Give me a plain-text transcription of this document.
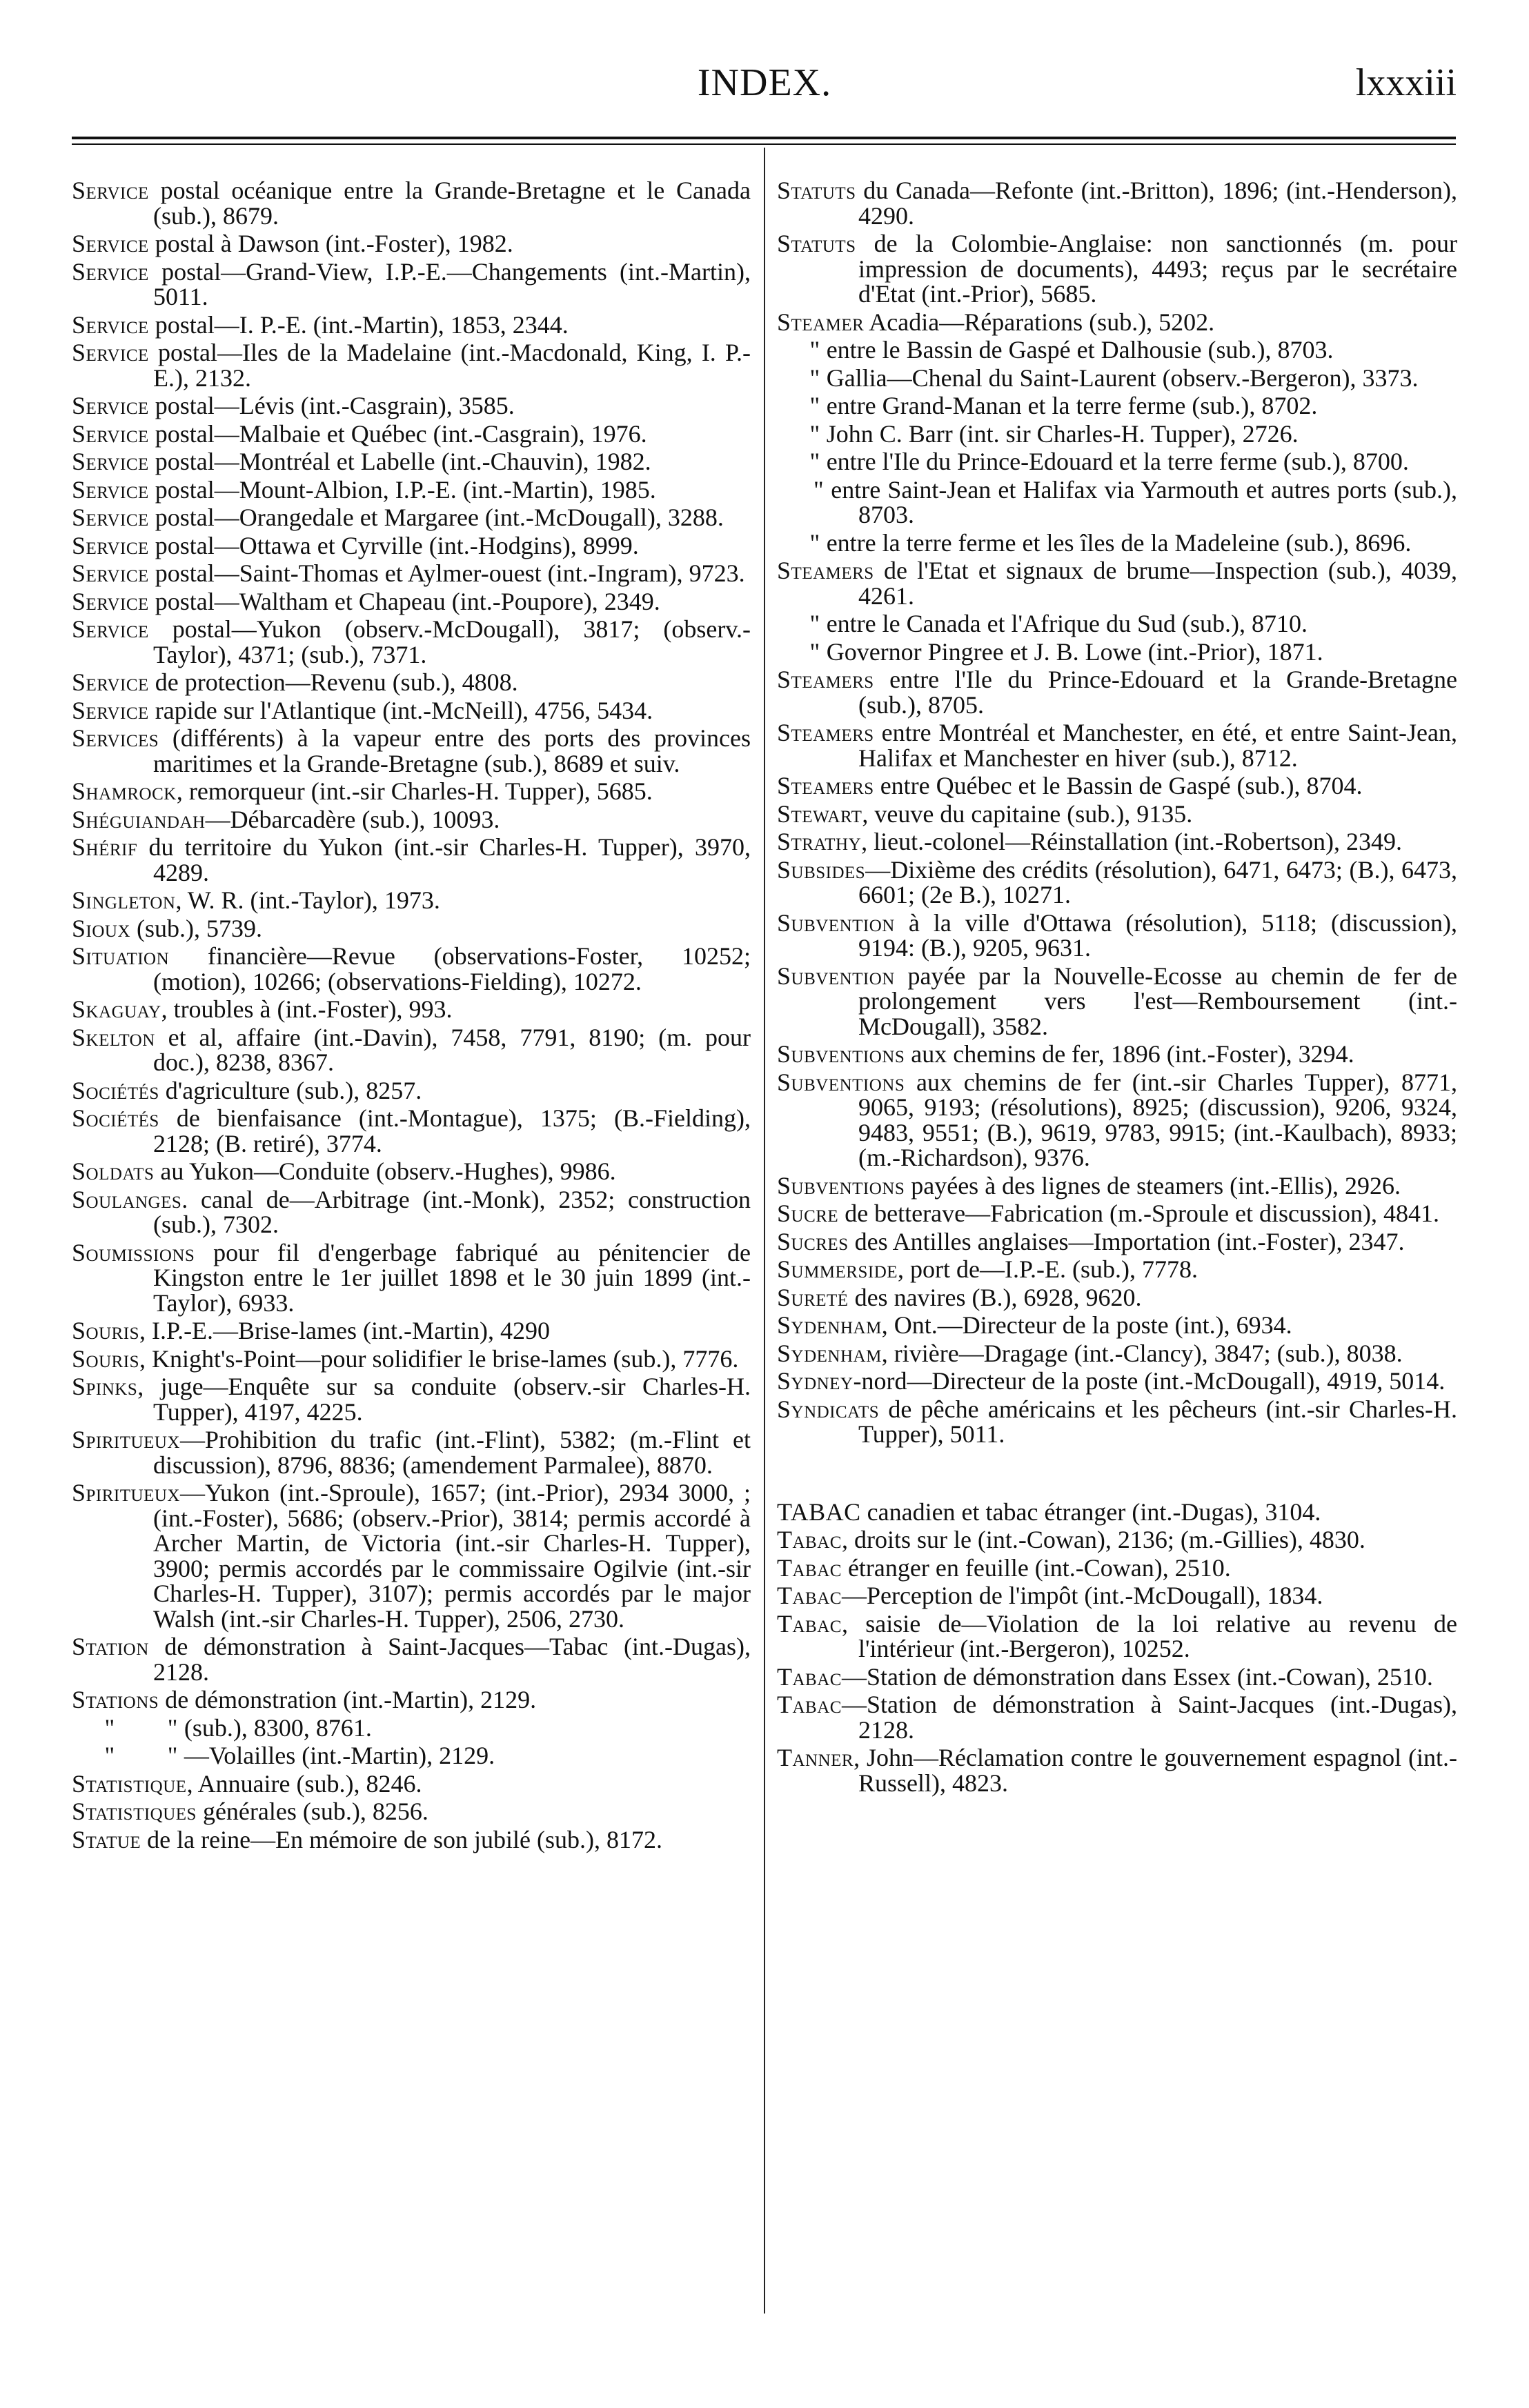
INDEX.	lxxxiii

Service postal océanique entre la Grande-Bretagne et le Canada (sub.), 8679.

Service postal à Dawson (int.-Foster), 1982.

Service postal—Grand-View, I.P.-E.—Changements (int.-Martin), 5011.

Service postal—I. P.-E. (int.-Martin), 1853, 2344.

Service postal—Iles de la Madelaine (int.-Macdonald, King, I. P.-E.), 2132.

Service postal—Lévis (int.-Casgrain), 3585.

Service postal—Malbaie et Québec (int.-Casgrain), 1976.

Service postal—Montréal et Labelle (int.-Chauvin), 1982.

Service postal—Mount-Albion, I.P.-E. (int.-Martin), 1985.

Service postal—Orangedale et Margaree (int.-McDougall), 3288.

Service postal—Ottawa et Cyrville (int.-Hodgins), 8999.

Service postal—Saint-Thomas et Aylmer-ouest (int.-Ingram), 9723.

Service postal—Waltham et Chapeau (int.-Poupore), 2349.

Service postal—Yukon (observ.-McDougall), 3817; (observ.-Taylor), 4371; (sub.), 7371.

Service de protection—Revenu (sub.), 4808.

Service rapide sur l'Atlantique (int.-McNeill), 4756, 5434.

Services (différents) à la vapeur entre des ports des provinces maritimes et la Grande-Bretagne (sub.), 8689 et suiv.

Shamrock, remorqueur (int.-sir Charles-H. Tupper), 5685.

Shéguiandah—Débarcadère (sub.), 10093.

Shérif du territoire du Yukon (int.-sir Charles-H. Tupper), 3970, 4289.

Singleton, W. R. (int.-Taylor), 1973.

Sioux (sub.), 5739.

Situation financière—Revue (observations-Foster, 10252; (motion), 10266; (observations-Fielding), 10272.

Skaguay, troubles à (int.-Foster), 993.

Skelton et al, affaire (int.-Davin), 7458, 7791, 8190; (m. pour doc.), 8238, 8367.

Sociétés d'agriculture (sub.), 8257.

Sociétés de bienfaisance (int.-Montague), 1375; (B.-Fielding), 2128; (B. retiré), 3774.

Soldats au Yukon—Conduite (observ.-Hughes), 9986.

Soulanges. canal de—Arbitrage (int.-Monk), 2352; construction (sub.), 7302.

Soumissions pour fil d'engerbage fabriqué au pénitencier de Kingston entre le 1er juillet 1898 et le 30 juin 1899 (int.-Taylor), 6933.

Souris, I.P.-E.—Brise-lames (int.-Martin), 4290

Souris, Knight's-Point—pour solidifier le brise-lames (sub.), 7776.

Spinks, juge—Enquête sur sa conduite (observ.-sir Charles-H. Tupper), 4197, 4225.

Spiritueux—Prohibition du trafic (int.-Flint), 5382; (m.-Flint et discussion), 8796, 8836; (amendement Parmalee), 8870.

Spiritueux—Yukon (int.-Sproule), 1657; (int.-Prior), 2934 3000, ; (int.-Foster), 5686; (observ.-Prior), 3814; permis accordé à Archer Martin, de Victoria (int.-sir Charles-H. Tupper), 3900; permis accordés par le commissaire Ogilvie (int.-sir Charles-H. Tupper), 3107); permis accordés par le major Walsh (int.-sir Charles-H. Tupper), 2506, 2730.

Station de démonstration à Saint-Jacques—Tabac (int.-Dugas), 2128.

Stations de démonstration (int.-Martin), 2129.

"        " (sub.), 8300, 8761.

"        " —Volailles (int.-Martin), 2129.

Statistique, Annuaire (sub.), 8246.

Statistiques générales (sub.), 8256.

Statue de la reine—En mémoire de son jubilé (sub.), 8172.

Statuts du Canada—Refonte (int.-Britton), 1896; (int.-Henderson), 4290.

Statuts de la Colombie-Anglaise: non sanctionnés (m. pour impression de documents), 4493; reçus par le secrétaire d'Etat (int.-Prior), 5685.

Steamer Acadia—Réparations (sub.), 5202.

" entre le Bassin de Gaspé et Dalhousie (sub.), 8703.

" Gallia—Chenal du Saint-Laurent (observ.-Bergeron), 3373.

" entre Grand-Manan et la terre ferme (sub.), 8702.

" John C. Barr (int. sir Charles-H. Tupper), 2726.

" entre l'Ile du Prince-Edouard et la terre ferme (sub.), 8700.

" entre Saint-Jean et Halifax via Yarmouth et autres ports (sub.), 8703.

" entre la terre ferme et les îles de la Madeleine (sub.), 8696.

Steamers de l'Etat et signaux de brume—Inspection (sub.), 4039, 4261.

" entre le Canada et l'Afrique du Sud (sub.), 8710.

" Governor Pingree et J. B. Lowe (int.-Prior), 1871.

Steamers entre l'Ile du Prince-Edouard et la Grande-Bretagne (sub.), 8705.

Steamers entre Montréal et Manchester, en été, et entre Saint-Jean, Halifax et Manchester en hiver (sub.), 8712.

Steamers entre Québec et le Bassin de Gaspé (sub.), 8704.

Stewart, veuve du capitaine (sub.), 9135.

Strathy, lieut.-colonel—Réinstallation (int.-Robertson), 2349.

Subsides—Dixième des crédits (résolution), 6471, 6473; (B.), 6473, 6601; (2e B.), 10271.

Subvention à la ville d'Ottawa (résolution), 5118; (discussion), 9194: (B.), 9205, 9631.

Subvention payée par la Nouvelle-Ecosse au chemin de fer de prolongement vers l'est—Remboursement (int.-McDougall), 3582.

Subventions aux chemins de fer, 1896 (int.-Foster), 3294.

Subventions aux chemins de fer (int.-sir Charles Tupper), 8771, 9065, 9193; (résolutions), 8925; (discussion), 9206, 9324, 9483, 9551; (B.), 9619, 9783, 9915; (int.-Kaulbach), 8933; (m.-Richardson), 9376.

Subventions payées à des lignes de steamers (int.-Ellis), 2926.

Sucre de betterave—Fabrication (m.-Sproule et discussion), 4841.

Sucres des Antilles anglaises—Importation (int.-Foster), 2347.

Summerside, port de—I.P.-E. (sub.), 7778.

Sureté des navires (B.), 6928, 9620.

Sydenham, Ont.—Directeur de la poste (int.), 6934.

Sydenham, rivière—Dragage (int.-Clancy), 3847; (sub.), 8038.

Sydney-nord—Directeur de la poste (int.-McDougall), 4919, 5014.

Syndicats de pêche américains et les pêcheurs (int.-sir Charles-H. Tupper), 5011.

TABAC canadien et tabac étranger (int.-Dugas), 3104.

Tabac, droits sur le (int.-Cowan), 2136; (m.-Gillies), 4830.

Tabac étranger en feuille (int.-Cowan), 2510.

Tabac—Perception de l'impôt (int.-McDougall), 1834.

Tabac, saisie de—Violation de la loi relative au revenu de l'intérieur (int.-Bergeron), 10252.

Tabac—Station de démonstration dans Essex (int.-Cowan), 2510.

Tabac—Station de démonstration à Saint-Jacques (int.-Dugas), 2128.

Tanner, John—Réclamation contre le gouvernement espagnol (int.-Russell), 4823.
